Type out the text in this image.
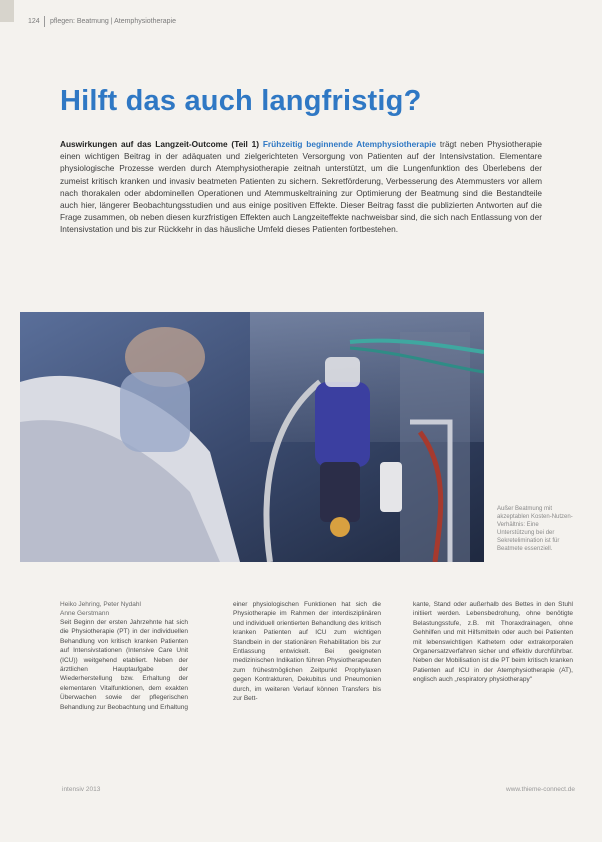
124 pflegen: Beatmung | Atemphysiotherapie
Hilft das auch langfristig?
Auswirkungen auf das Langzeit-Outcome (Teil 1) Frühzeitig beginnende Atemphysiotherapie trägt neben Physiotherapie einen wichtigen Beitrag in der adäquaten und zielgerichteten Versorgung von Patienten auf der Intensivstation. Elementare physiologische Prozesse werden durch Atemphysiotherapie zeitnah unterstützt, um die Lungenfunktion des Überlebens der zumeist kritisch kranken und invasiv beatmeten Patienten zu sichern. Sekretförderung, Verbesserung des Atemmusters vor allem nach thorakalen oder abdominellen Operationen und Atemmuskeltraining zur Optimierung der Beatmung sind die Bestandteile auch hier, längerer Beobachtungsstudien und aus einige positiven Effekte. Dieser Beitrag fasst die publizierten Antworten auf die Frage zusammen, ob neben diesen kurzfristigen Effekten auch Langzeiteffekte nachweisbar sind, die sich nach Entlassung von der Intensivstation und bis zur Rückkehr in das häusliche Umfeld dieses Patienten fortbestehen.
Außer Beatmung mit akzeptablen Kosten-Nutzen-Verhältnis: Eine Unterstützung bei der Sekretelimination ist für Beatmete essenziell.
Heiko Jehring, Peter Nydahl
Anne Gerstmann
Seit Beginn der ersten Jahrzehnte hat sich die Physiotherapie (PT) in der individuellen Behandlung von kritisch kranken Patienten auf Intensivstationen (Intensive Care Unit (ICU)) weitgehend etabliert. Neben der ärztlichen Hauptaufgabe der Wiederherstellung bzw. Erhaltung der elementaren Vitalfunktionen, dem exakten Überwachen sowie der pflegerischen Behandlung zur Beobachtung und Erhaltung
einer physiologischen Funktionen hat sich die Physiotherapie im Rahmen der interdisziplinären und individuell orientierten Behandlung des kritisch kranken Patienten auf ICU zum wichtigen Standbein in der stationären Rehabilitation bis zur Entlassung entwickelt. Bei geeigneten medizinischen Indikation führen Physiotherapeuten zum frühestmöglichen Zeitpunkt Prophylaxen gegen Kontrakturen, Dekubitus und Pneumonien durch, im weiteren Verlauf können Transfers bis zur Bett-
kante, Stand oder außerhalb des Bettes in den Stuhl initiiert werden. Lebensbedrohung, ohne benötigte Belastungsstufe, z.B. mit Thoraxdrainagen, ohne Gehhilfen und mit Hilfsmitteln oder auch bei Patienten mit lebenswichtigen Kathetern oder extrakorporalen Organersatzverfahren sicher und effektiv durchführbar. Neben der Mobilisation ist die PT beim kritisch kranken Patienten auf ICU in der Atemphysiotherapie (AT), englisch auch „respiratory physiotherapy"
intensiv 2013	www.thieme-connect.de
